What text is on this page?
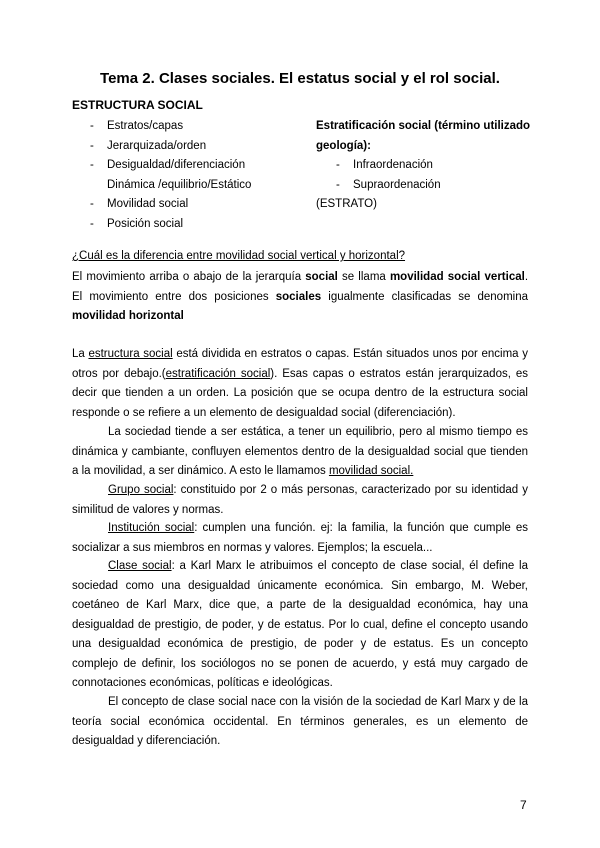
Tema 2. Clases sociales. El estatus social y el rol social.
ESTRUCTURA SOCIAL
- Estratos/capas
- Jerarquizada/orden
- Desigualdad/diferenciación
Dinámica /equilibrio/Estático
- Movilidad social
- Posición social
Estratificación social (término utilizado
geología):
- Infraordenación
- Supraordenación
(ESTRATO)
¿Cuál es la diferencia entre movilidad social vertical y horizontal?
El movimiento arriba o abajo de la jerarquía social se llama movilidad social vertical. El movimiento entre dos posiciones sociales igualmente clasificadas se denomina movilidad horizontal
La estructura social está dividida en estratos o capas. Están situados unos por encima y otros por debajo.(estratificación social). Esas capas o estratos están jerarquizados, es decir que tienden a un orden. La posición que se ocupa dentro de la estructura social responde o se refiere a un elemento de desigualdad social (diferenciación).
La sociedad tiende a ser estática, a tener un equilibrio, pero al mismo tiempo es dinámica y cambiante, confluyen elementos dentro de la desigualdad social que tienden a la movilidad, a ser dinámico. A esto le llamamos movilidad social.
Grupo social: constituido por 2 o más personas, caracterizado por su identidad y similitud de valores y normas.
Institución social: cumplen una función. ej: la familia, la función que cumple es socializar a sus miembros en normas y valores. Ejemplos; la escuela...
Clase social: a Karl Marx le atribuimos el concepto de clase social, él define la sociedad como una desigualdad únicamente económica. Sin embargo, M. Weber, coetáneo de Karl Marx, dice que, a parte de la desigualdad económica, hay una desigualdad de prestigio, de poder, y de estatus. Por lo cual, define el concepto usando una desigualdad económica de prestigio, de poder y de estatus. Es un concepto complejo de definir, los sociólogos no se ponen de acuerdo, y está muy cargado de connotaciones económicas, políticas e ideológicas.
El concepto de clase social nace con la visión de la sociedad de Karl Marx y de la teoría social económica occidental. En términos generales, es un elemento de desigualdad y diferenciación.
7
